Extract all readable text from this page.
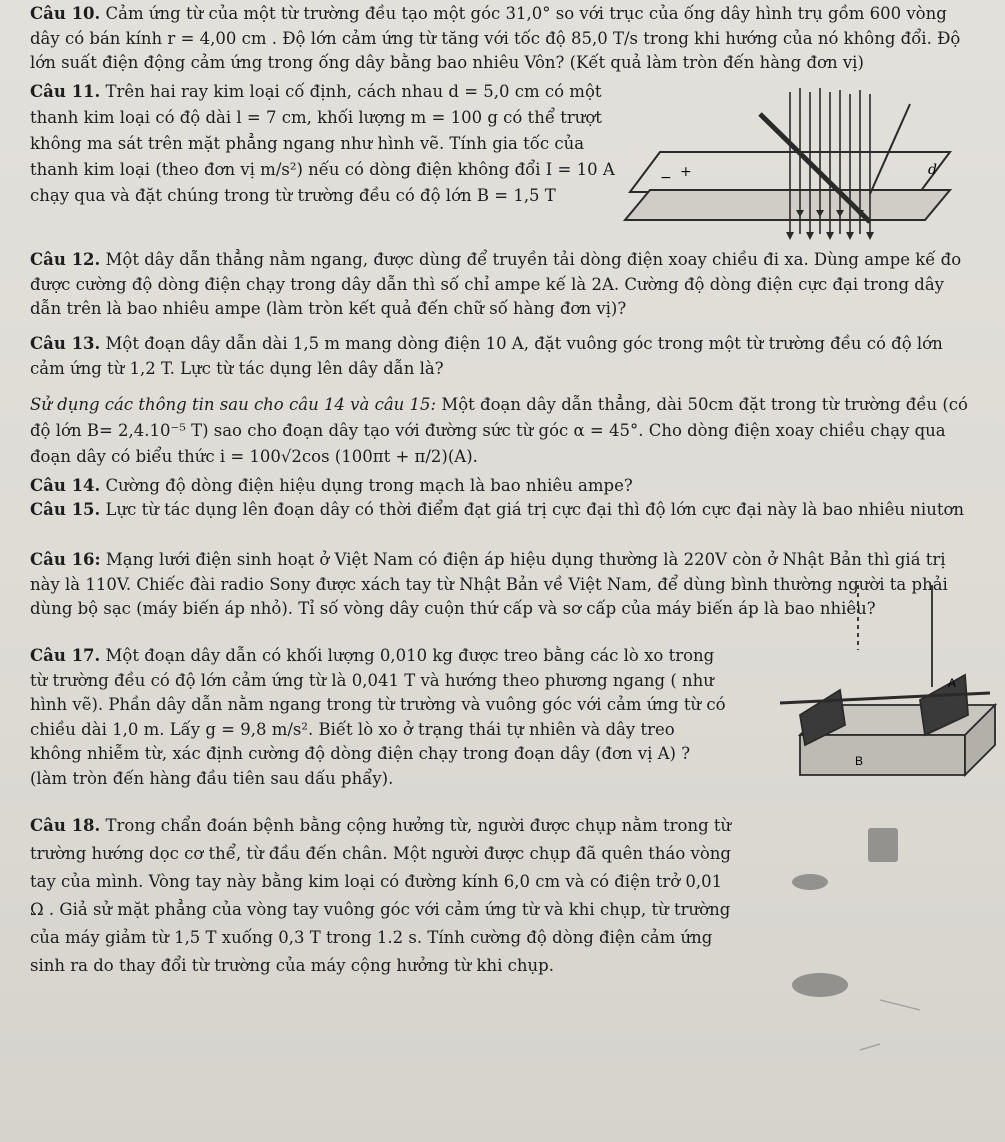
Câu 10. Cảm ứng từ của một từ trường đều tạo một góc 31,0° so với trục của ống dây hình trụ gồm 600 vòng dây có bán kính r = 4,00 cm . Độ lớn cảm ứng từ tăng với tốc độ 85,0 T/s trong khi hướng của nó không đổi. Độ lớn suất điện động cảm ứng trong ống dây bằng bao nhiêu Vôn? (Kết quả làm tròn đến hàng đơn vị)

Câu 11. Trên hai ray kim loại cố định, cách nhau d = 5,0 cm có một thanh kim loại có độ dài l = 7 cm, khối lượng m = 100 g có thể trượt không ma sát trên mặt phẳng ngang như hình vẽ. Tính gia tốc của thanh kim loại (theo đơn vị m/s²) nếu có dòng điện không đổi I = 10 A chạy qua và đặt chúng trong từ trường đều có độ lớn B = 1,5 T

+
−	d

Câu 12. Một dây dẫn thẳng nằm ngang, được dùng để truyền tải dòng điện xoay chiều đi xa. Dùng ampe kế đo được cường độ dòng điện chạy trong dây dẫn thì số chỉ ampe kế là 2A. Cường độ dòng điện cực đại trong dây dẫn trên là bao nhiêu ampe (làm tròn kết quả đến chữ số hàng đơn vị)?

Câu 13. Một đoạn dây dẫn dài 1,5 m mang dòng điện 10 A, đặt vuông góc trong một từ trường đều có độ lớn cảm ứng từ 1,2 T. Lực từ tác dụng lên dây dẫn là?

Sử dụng các thông tin sau cho câu 14 và câu 15: Một đoạn dây dẫn thẳng, dài 50cm đặt trong từ trường đều (có độ lớn B= 2,4.10⁻⁵ T) sao cho đoạn dây tạo với đường sức từ góc α = 45°. Cho dòng điện xoay chiều chạy qua đoạn dây có biểu thức i = 100√2cos (100πt + π/2)(A).

Câu 14. Cường độ dòng điện hiệu dụng trong mạch là bao nhiêu ampe?

Câu 15. Lực từ tác dụng lên đoạn dây có thời điểm đạt giá trị cực đại thì độ lớn cực đại này là bao nhiêu niutơn

Câu 16: Mạng lưới điện sinh hoạt ở Việt Nam có điện áp hiệu dụng thường là 220V còn ở Nhật Bản thì giá trị này là 110V. Chiếc đài radio Sony được xách tay từ Nhật Bản về Việt Nam, để dùng bình thường người ta phải dùng bộ sạc (máy biến áp nhỏ). Tỉ số vòng dây cuộn thứ cấp và sơ cấp của máy biến áp là bao nhiêu?

Câu 17. Một đoạn dây dẫn có khối lượng 0,010 kg được treo bằng các lò xo trong từ trường đều có độ lớn cảm ứng từ là 0,041 T và hướng theo phương ngang ( như hình vẽ). Phần dây dẫn nằm ngang trong từ trường và vuông góc với cảm ứng từ có chiều dài 1,0 m. Lấy g = 9,8 m/s². Biết lò xo ở trạng thái tự nhiên và dây treo không nhiễm từ, xác định cường độ dòng điện chạy trong đoạn dây (đơn vị A) ? (làm tròn đến hàng đầu tiên sau dấu phẩy).

A
B

Câu 18. Trong chẩn đoán bệnh bằng cộng hưởng từ, người được chụp nằm trong từ trường hướng dọc cơ thể, từ đầu đến chân. Một người được chụp đã quên tháo vòng tay của mình. Vòng tay này bằng kim loại có đường kính 6,0 cm và có điện trở 0,01 Ω . Giả sử mặt phẳng của vòng tay vuông góc với cảm ứng từ và khi chụp, từ trường của máy giảm từ 1,5 T xuống 0,3 T trong 1.2 s. Tính cường độ dòng điện cảm ứng sinh ra do thay đổi từ trường của máy cộng hưởng từ khi chụp.
